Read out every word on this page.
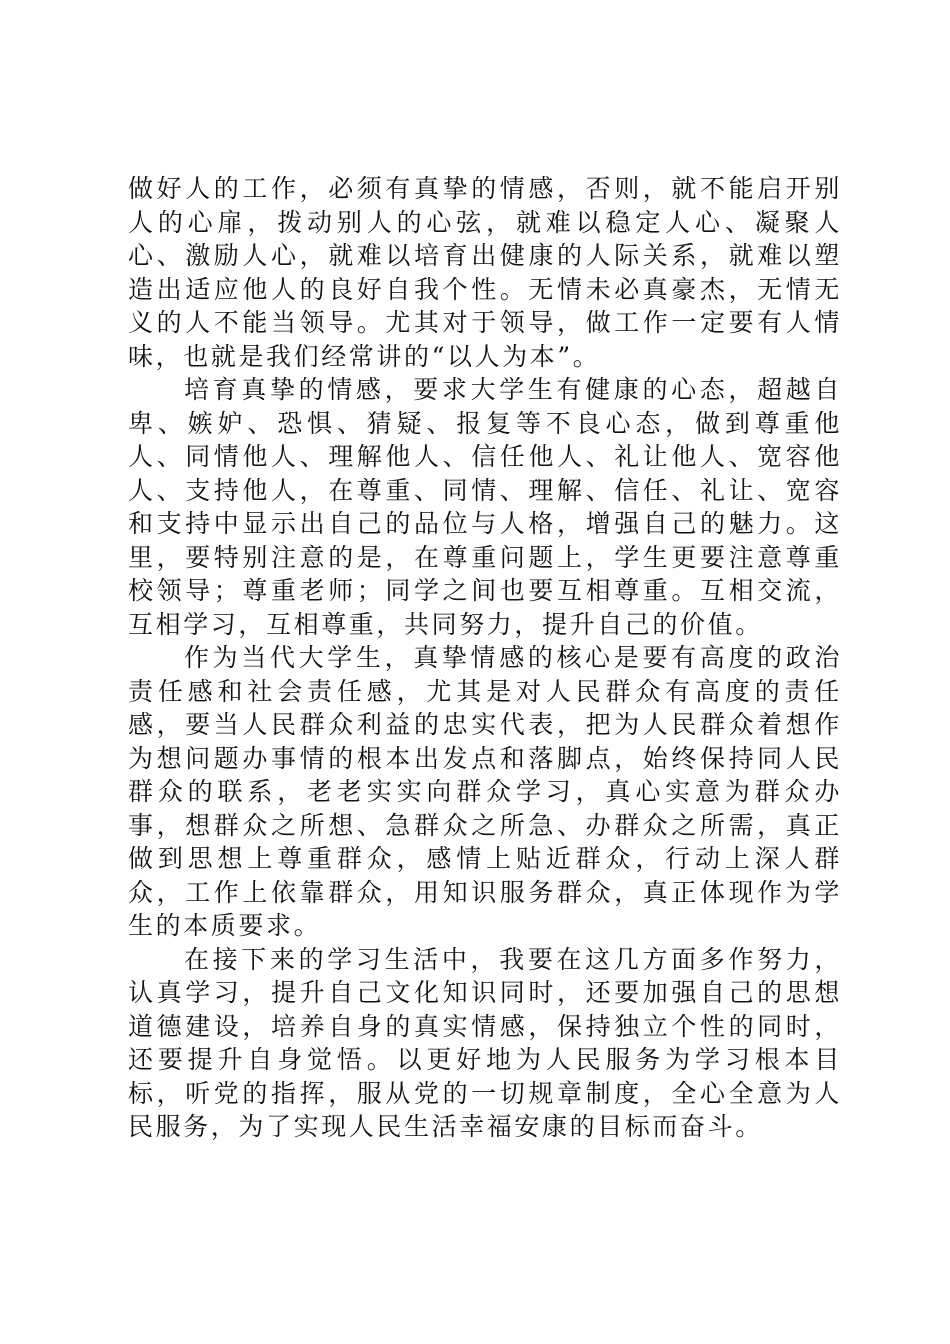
做好人的工作，必须有真挚的情感，否则，就不能启开别人的心扉，拨动别人的心弦，就难以稳定人心、凝聚人心、激励人心，就难以培育出健康的人际关系，就难以塑造出适应他人的良好自我个性。无情未必真豪杰，无情无义的人不能当领导。尤其对于领导，做工作一定要有人情味，也就是我们经常讲的“以人为本”。

培育真挚的情感，要求大学生有健康的心态，超越自卑、嫉妒、恐惧、猜疑、报复等不良心态，做到尊重他人、同情他人、理解他人、信任他人、礼让他人、宽容他人、支持他人，在尊重、同情、理解、信任、礼让、宽容和支持中显示出自己的品位与人格，增强自己的魅力。这里，要特别注意的是，在尊重问题上，学生更要注意尊重校领导；尊重老师；同学之间也要互相尊重。互相交流，互相学习，互相尊重，共同努力，提升自己的价值。

作为当代大学生，真挚情感的核心是要有高度的政治责任感和社会责任感，尤其是对人民群众有高度的责任感，要当人民群众利益的忠实代表，把为人民群众着想作为想问题办事情的根本出发点和落脚点，始终保持同人民群众的联系，老老实实向群众学习，真心实意为群众办事，想群众之所想、急群众之所急、办群众之所需，真正做到思想上尊重群众，感情上贴近群众，行动上深人群众，工作上依靠群众，用知识服务群众，真正体现作为学生的本质要求。

在接下来的学习生活中，我要在这几方面多作努力，认真学习，提升自己文化知识同时，还要加强自己的思想道德建设，培养自身的真实情感，保持独立个性的同时，还要提升自身觉悟。以更好地为人民服务为学习根本目标，听党的指挥，服从党的一切规章制度，全心全意为人民服务，为了实现人民生活幸福安康的目标而奋斗。
